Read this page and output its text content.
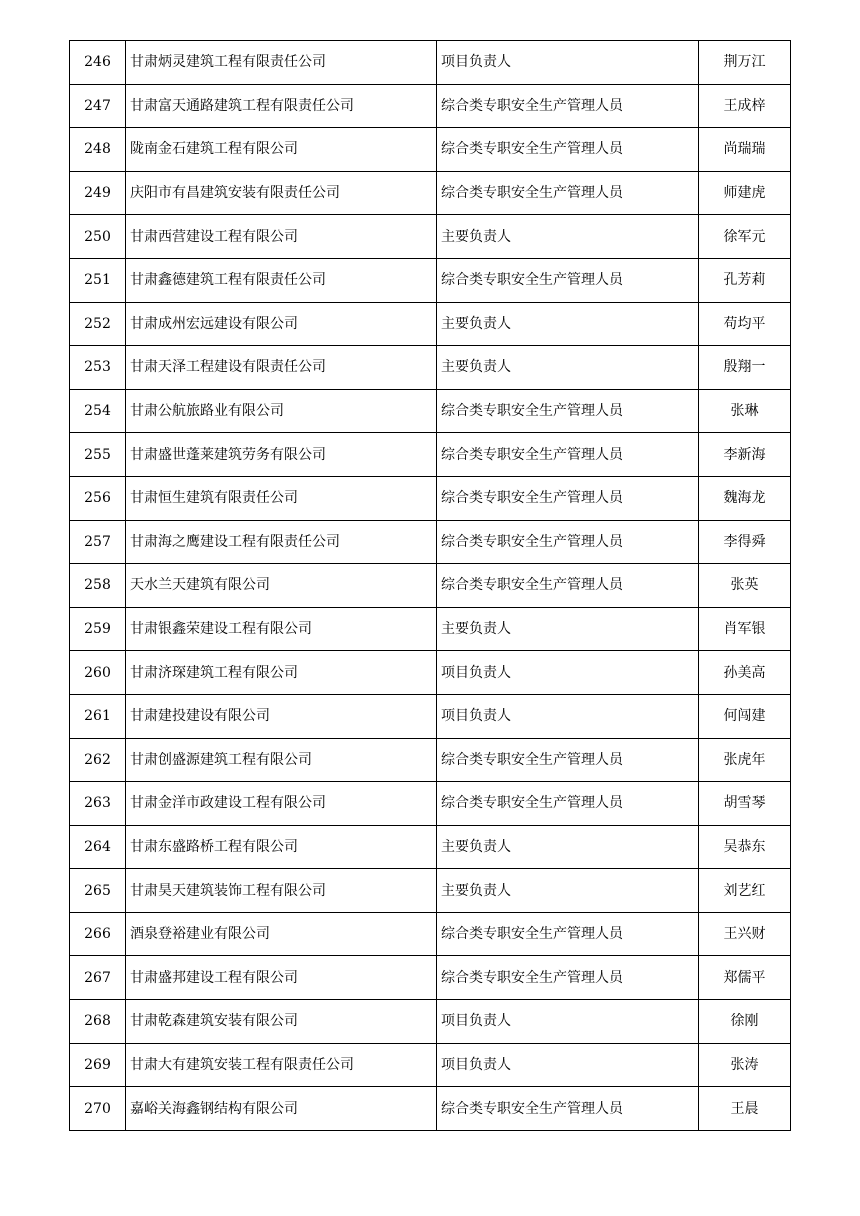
246	甘肃炳灵建筑工程有限责任公司	项目负责人	荆万江
247	甘肃富天通路建筑工程有限责任公司	综合类专职安全生产管理人员	王成梓
248	陇南金石建筑工程有限公司	综合类专职安全生产管理人员	尚瑞瑞
249	庆阳市有昌建筑安装有限责任公司	综合类专职安全生产管理人员	师建虎
250	甘肃西营建设工程有限公司	主要负责人	徐军元
251	甘肃鑫德建筑工程有限责任公司	综合类专职安全生产管理人员	孔芳莉
252	甘肃成州宏远建设有限公司	主要负责人	苟均平
253	甘肃天泽工程建设有限责任公司	主要负责人	殷翔一
254	甘肃公航旅路业有限公司	综合类专职安全生产管理人员	张琳
255	甘肃盛世蓬莱建筑劳务有限公司	综合类专职安全生产管理人员	李新海
256	甘肃恒生建筑有限责任公司	综合类专职安全生产管理人员	魏海龙
257	甘肃海之鹰建设工程有限责任公司	综合类专职安全生产管理人员	李得舜
258	天水兰天建筑有限公司	综合类专职安全生产管理人员	张英
259	甘肃银鑫荣建设工程有限公司	主要负责人	肖军银
260	甘肃济琛建筑工程有限公司	项目负责人	孙美高
261	甘肃建投建设有限公司	项目负责人	何闯建
262	甘肃创盛源建筑工程有限公司	综合类专职安全生产管理人员	张虎年
263	甘肃金洋市政建设工程有限公司	综合类专职安全生产管理人员	胡雪琴
264	甘肃东盛路桥工程有限公司	主要负责人	吴恭东
265	甘肃昊天建筑装饰工程有限公司	主要负责人	刘艺红
266	酒泉登裕建业有限公司	综合类专职安全生产管理人员	王兴财
267	甘肃盛邦建设工程有限公司	综合类专职安全生产管理人员	郑儒平
268	甘肃乾森建筑安装有限公司	项目负责人	徐刚
269	甘肃大有建筑安装工程有限责任公司	项目负责人	张涛
270	嘉峪关海鑫钢结构有限公司	综合类专职安全生产管理人员	王晨
